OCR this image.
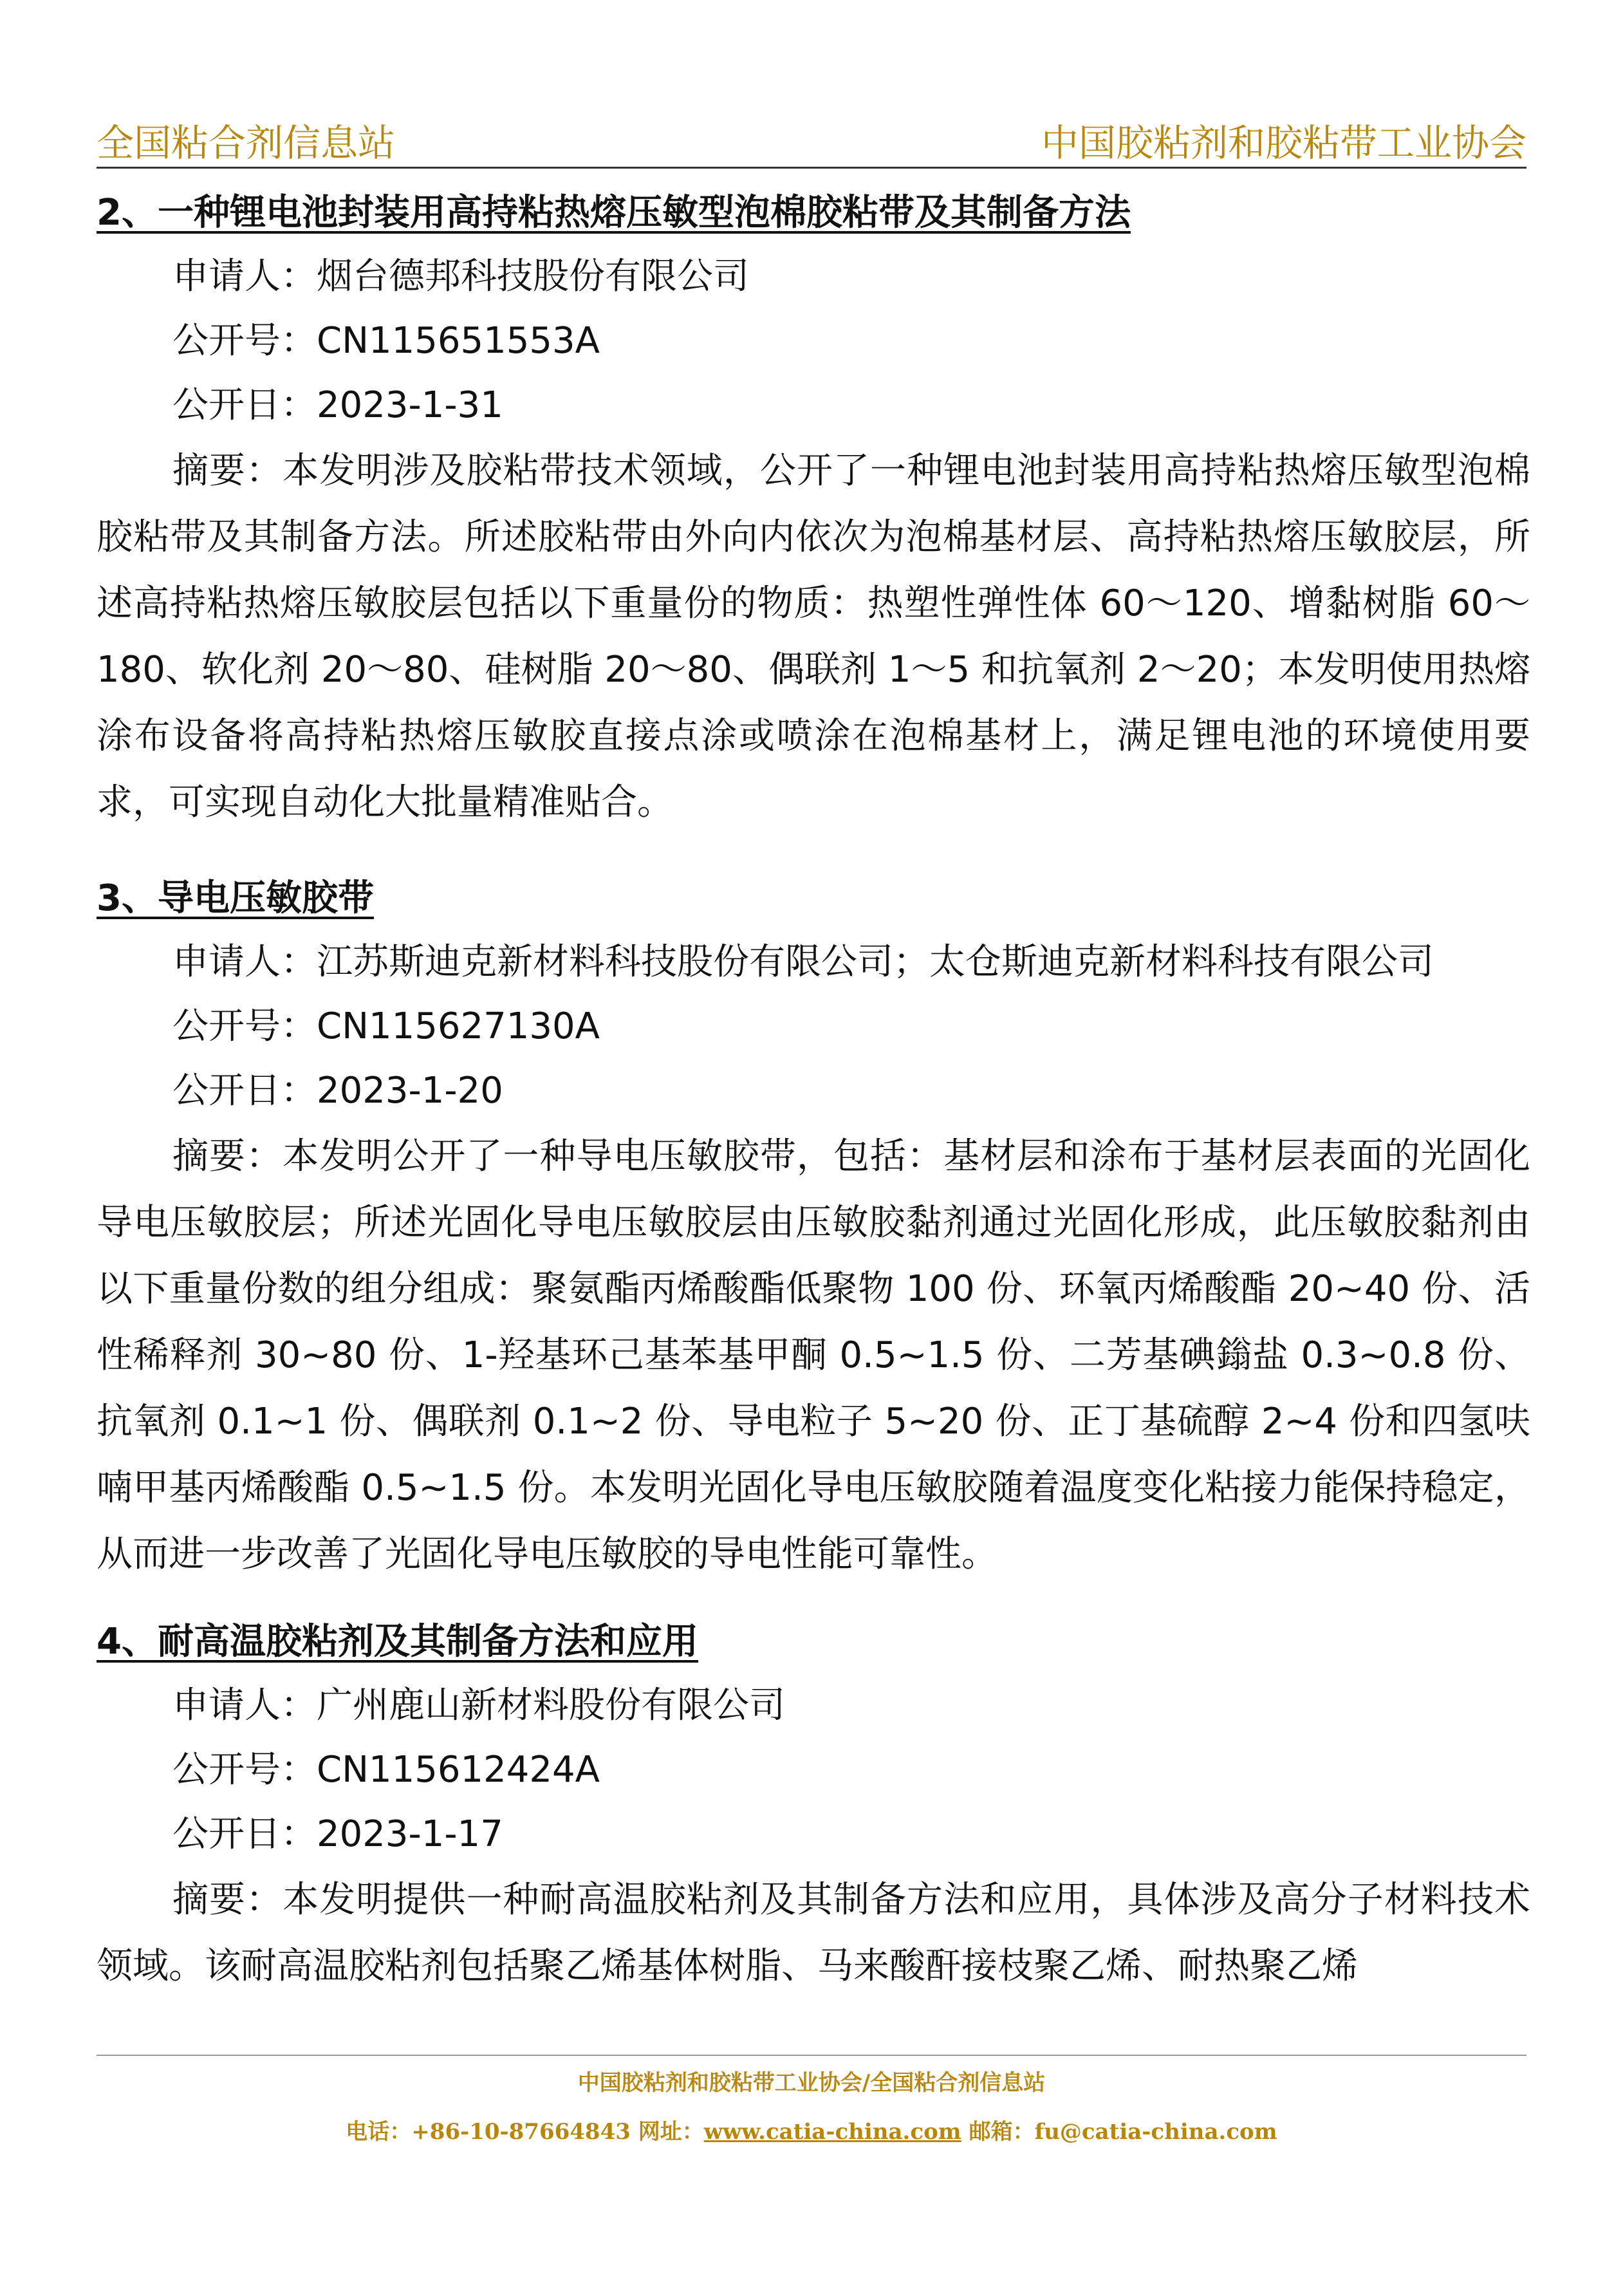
全国粘合剂信息站	中国胶粘剂和胶粘带工业协会
2、一种锂电池封装用高持粘热熔压敏型泡棉胶粘带及其制备方法
申请人：烟台德邦科技股份有限公司
公开号：CN115651553A
公开日：2023-1-31

摘要：本发明涉及胶粘带技术领域，公开了一种锂电池封装用高持粘热熔压敏型泡棉胶粘带及其制备方法。所述胶粘带由外向内依次为泡棉基材层、高持粘热熔压敏胶层，所述高持粘热熔压敏胶层包括以下重量份的物质：热塑性弹性体 60～120、增黏树脂 60～180、软化剂 20～80、硅树脂 20～80、偶联剂 1～5 和抗氧剂 2～20；本发明使用热熔涂布设备将高持粘热熔压敏胶直接点涂或喷涂在泡棉基材上，满足锂电池的环境使用要求，可实现自动化大批量精准贴合。

3、导电压敏胶带
申请人：江苏斯迪克新材料科技股份有限公司；太仓斯迪克新材料科技有限公司
公开号：CN115627130A
公开日：2023-1-20

摘要：本发明公开了一种导电压敏胶带，包括：基材层和涂布于基材层表面的光固化导电压敏胶层；所述光固化导电压敏胶层由压敏胶黏剂通过光固化形成，此压敏胶黏剂由以下重量份数的组分组成：聚氨酯丙烯酸酯低聚物 100 份、环氧丙烯酸酯 20~40 份、活性稀释剂 30~80 份、1-羟基环己基苯基甲酮 0.5~1.5 份、二芳基碘鎓盐 0.3~0.8 份、抗氧剂 0.1~1 份、偶联剂 0.1~2 份、导电粒子 5~20 份、正丁基硫醇 2~4 份和四氢呋喃甲基丙烯酸酯 0.5~1.5 份。本发明光固化导电压敏胶随着温度变化粘接力能保持稳定，从而进一步改善了光固化导电压敏胶的导电性能可靠性。

4、耐高温胶粘剂及其制备方法和应用
申请人：广州鹿山新材料股份有限公司
公开号：CN115612424A
公开日：2023-1-17

摘要：本发明提供一种耐高温胶粘剂及其制备方法和应用，具体涉及高分子材料技术领域。该耐高温胶粘剂包括聚乙烯基体树脂、马来酸酐接枝聚乙烯、耐热聚乙烯

中国胶粘剂和胶粘带工业协会/全国粘合剂信息站
电话：+86-10-87664843 网址：www.catia-china.com 邮箱：fu@catia-china.com
